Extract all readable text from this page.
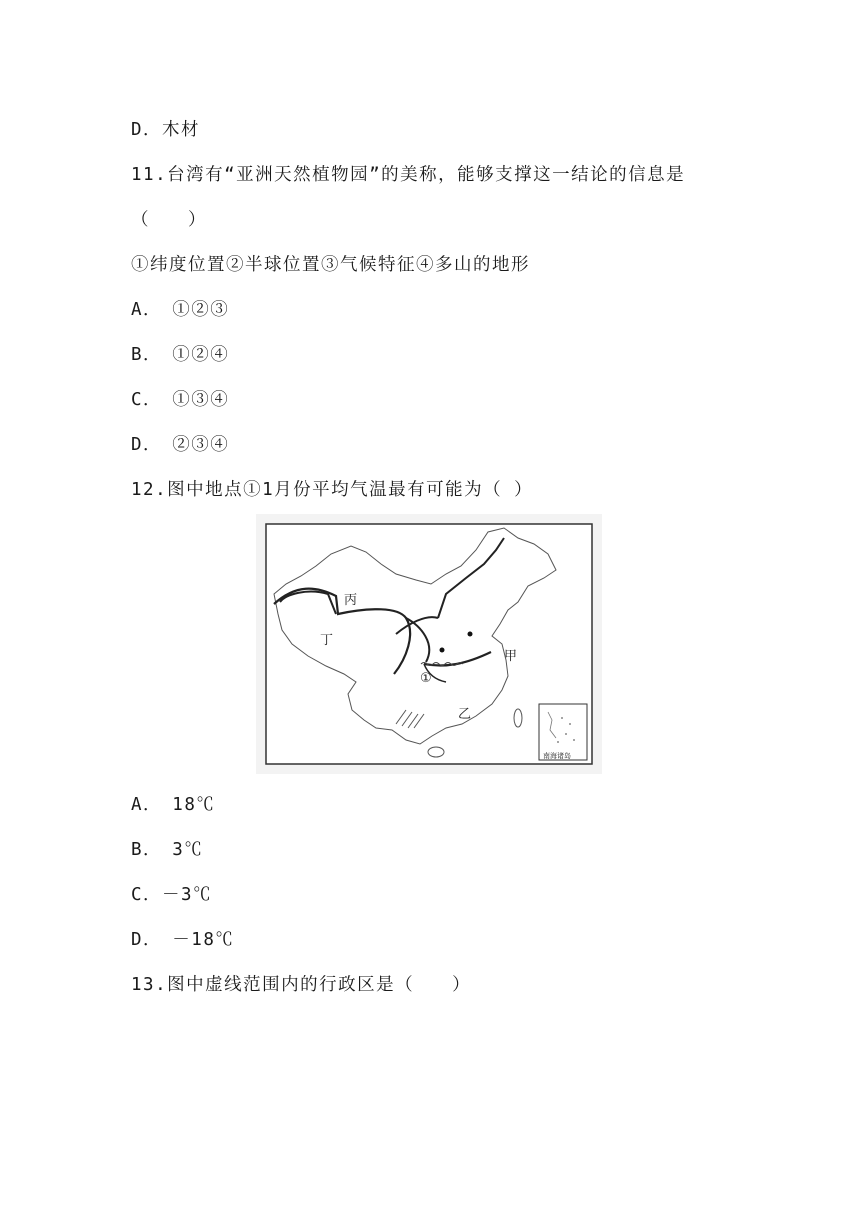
D．木材
11.台湾有“亚洲天然植物园”的美称，能够支撑这一结论的信息是
（　　）
①纬度位置②半球位置③气候特征④多山的地形
A．　①②③
B．　①②④
C．　①③④
D．　②③④
12.图中地点①1月份平均气温最有可能为（ ）
丙
丁
甲
乙
①
南海诸岛
A．　18℃
B．　3℃
C．－3℃
D．　－18℃
13.图中虚线范围内的行政区是（　　）
